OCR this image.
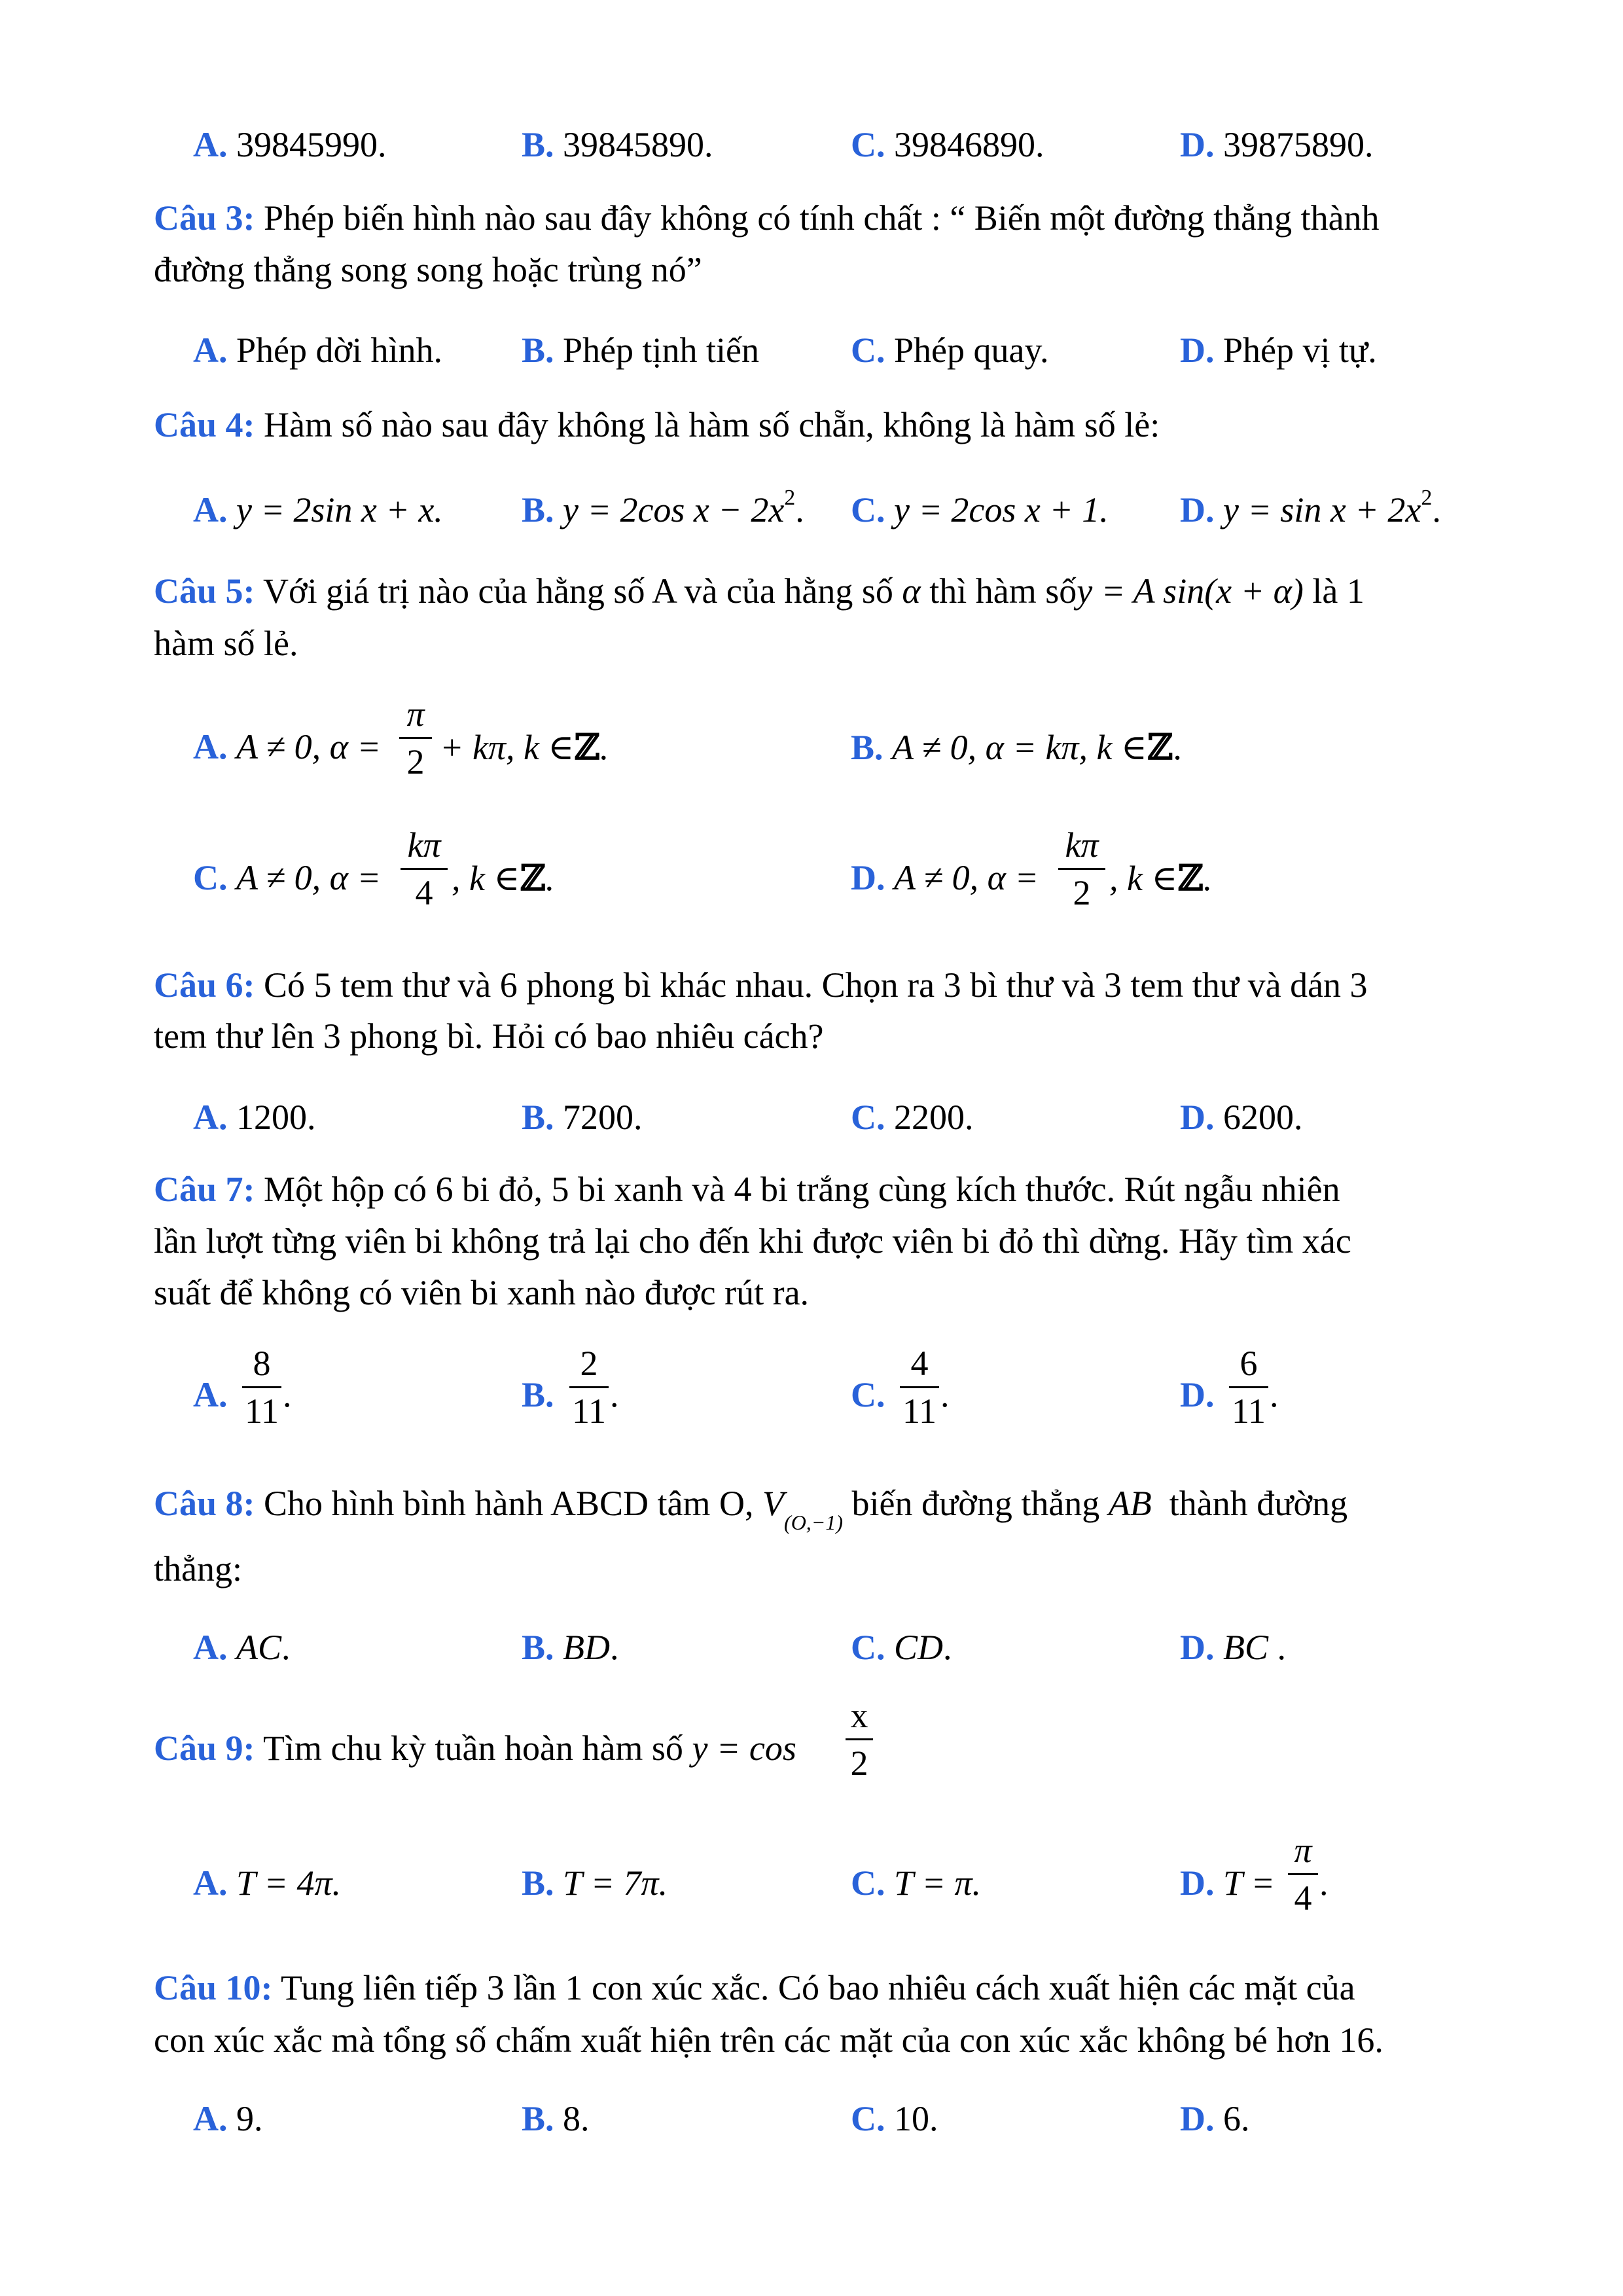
A. 39845990.	B. 39845890.	C. 39846890.	D. 39875890.
Câu 3: Phép biến hình nào sau đây không có tính chất : “ Biến một đường thẳng thành
đường thẳng song song hoặc trùng nó”
A. Phép dời hình. B. Phép tịnh tiến	C. Phép quay.	D. Phép vị tự.
Câu 4: Hàm số nào sau đây không là hàm số chẵn, không là hàm số lẻ:
A. y = 2sin x + x. B. y = 2cos $x - 2x^2$. C. y = 2cos x + 1. D. $y = \sin x + 2x^2$.
Câu 5: Với giá trị nào của hằng số A và của hằng số α thì hàm sốy = A sin(x + α) là 1
hàm số lẻ.
A. A ≠ 0, α =
π
2 + kπ, k ∈ℤ.	B. A ≠ 0, α = kπ, k ∈ℤ.
C. A ≠ 0, α =
kπ
4 , k ∈ℤ.	D. A ≠ 0, α =
kπ
2 , k ∈ℤ.
Câu 6: Có 5 tem thư và 6 phong bì khác nhau. Chọn ra 3 bì thư và 3 tem thư và dán 3
tem thư lên 3 phong bì. Hỏi có bao nhiêu cách?
A. 1200.	B. 7200.	C. 2200.	D. 6200.
Câu 7: Một hộp có 6 bi đỏ, 5 bi xanh và 4 bi trắng cùng kích thước. Rút ngẫu nhiên
lần lượt từng viên bi không trả lại cho đến khi được viên bi đỏ thì dừng. Hãy tìm xác
suất để không có viên bi xanh nào được rút ra.
A.
8
11 .	B.
2
11 .	C.
4
11 .	D.
6
11 .
Câu 8: Cho hình bình hành ABCD tâm O, $V_{(O,-1)}$ biến đường thẳng AB thành đường
thẳng:
A. AC.	B. BD.	C. CD.	D. BC .
Câu 9: Tìm chu kỳ tuần hoàn hàm số y = cos
x
2
A. T = 4π.	B. T = 7π.	C. T = π.	D. T =
π
4 .
Câu 10: Tung liên tiếp 3 lần 1 con xúc xắc. Có bao nhiêu cách xuất hiện các mặt của
con xúc xắc mà tổng số chấm xuất hiện trên các mặt của con xúc xắc không bé hơn 16.
A. 9.	B. 8.	C. 10.	D. 6.
